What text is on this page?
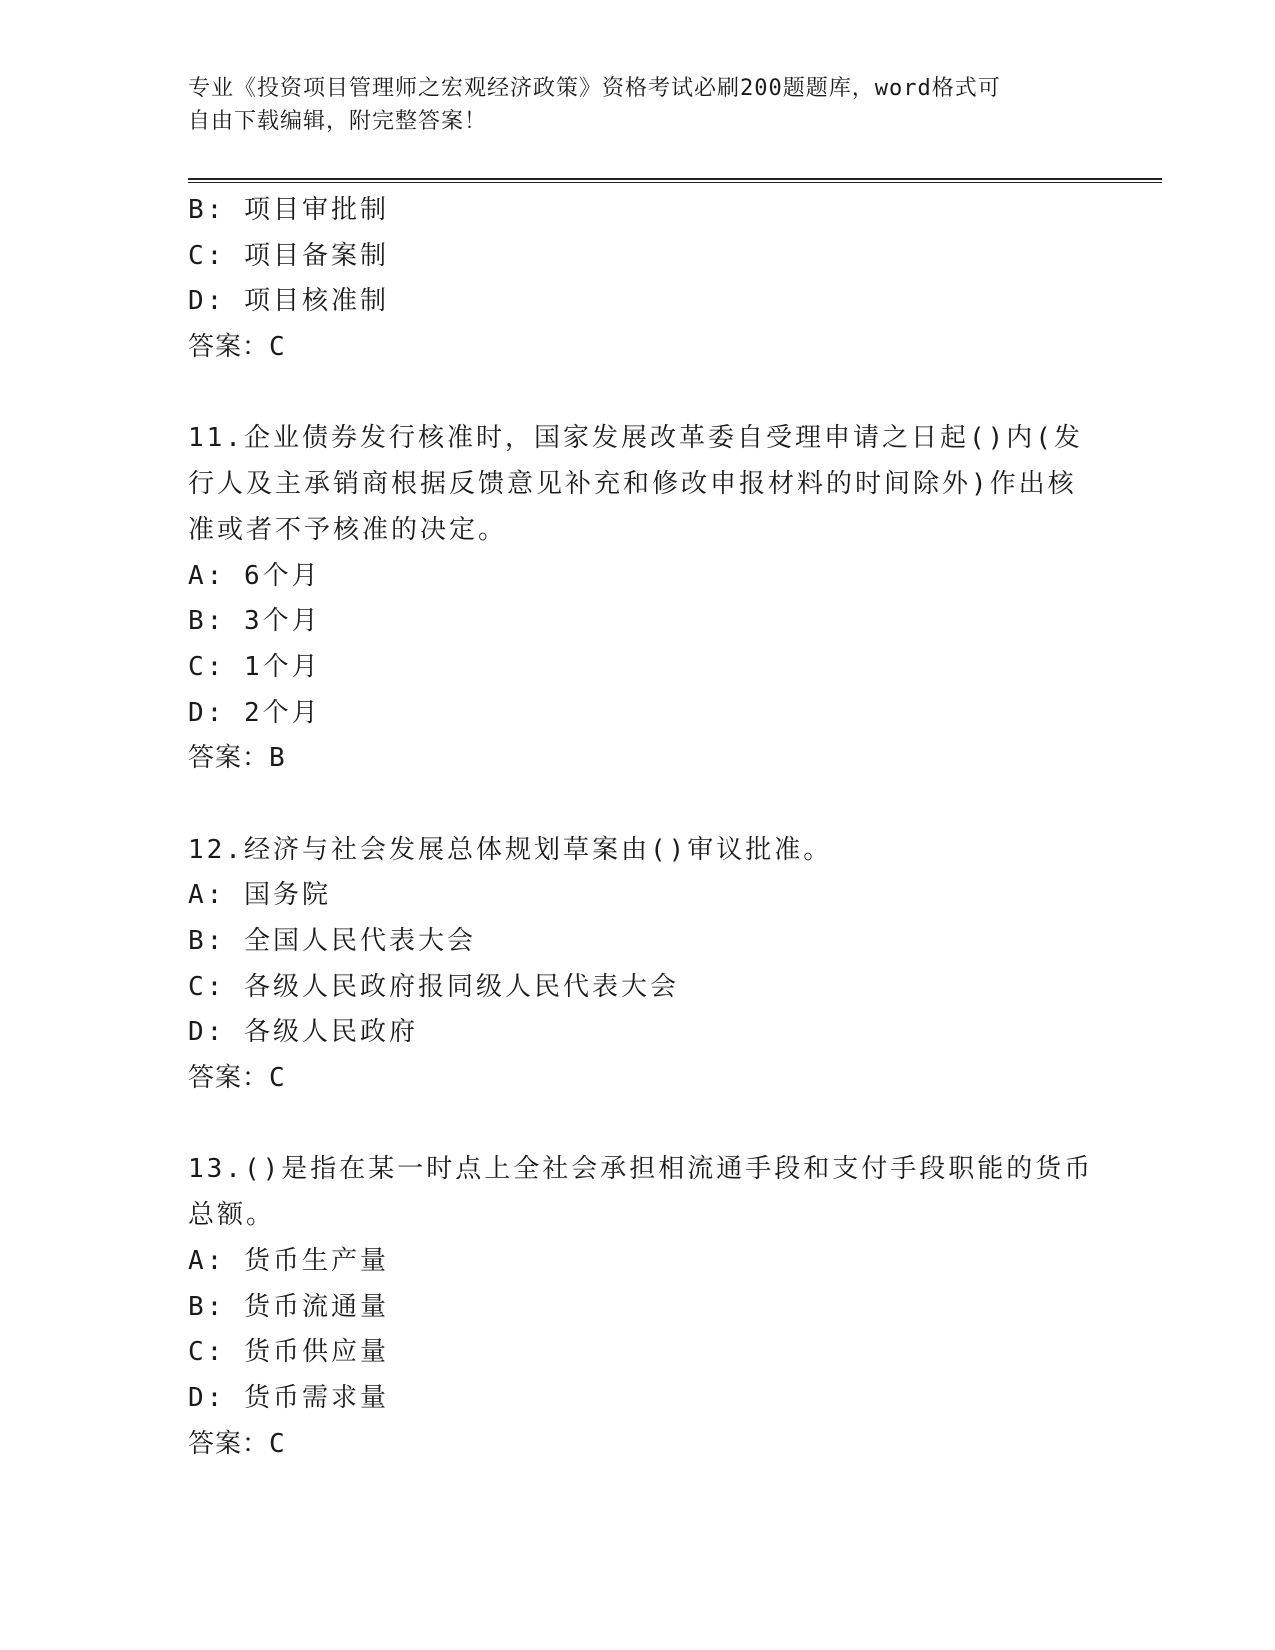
专业《投资项目管理师之宏观经济政策》资格考试必刷200题题库，word格式可
自由下载编辑，附完整答案！
B: 项目审批制
C: 项目备案制
D: 项目核准制
答案：C
11.企业债券发行核准时，国家发展改革委自受理申请之日起()内(发
行人及主承销商根据反馈意见补充和修改申报材料的时间除外)作出核
准或者不予核准的决定。
A: 6个月
B: 3个月
C: 1个月
D: 2个月
答案：B
12.经济与社会发展总体规划草案由()审议批准。
A: 国务院
B: 全国人民代表大会
C: 各级人民政府报同级人民代表大会
D: 各级人民政府
答案：C
13.()是指在某一时点上全社会承担相流通手段和支付手段职能的货币
总额。
A: 货币生产量
B: 货币流通量
C: 货币供应量
D: 货币需求量
答案：C
